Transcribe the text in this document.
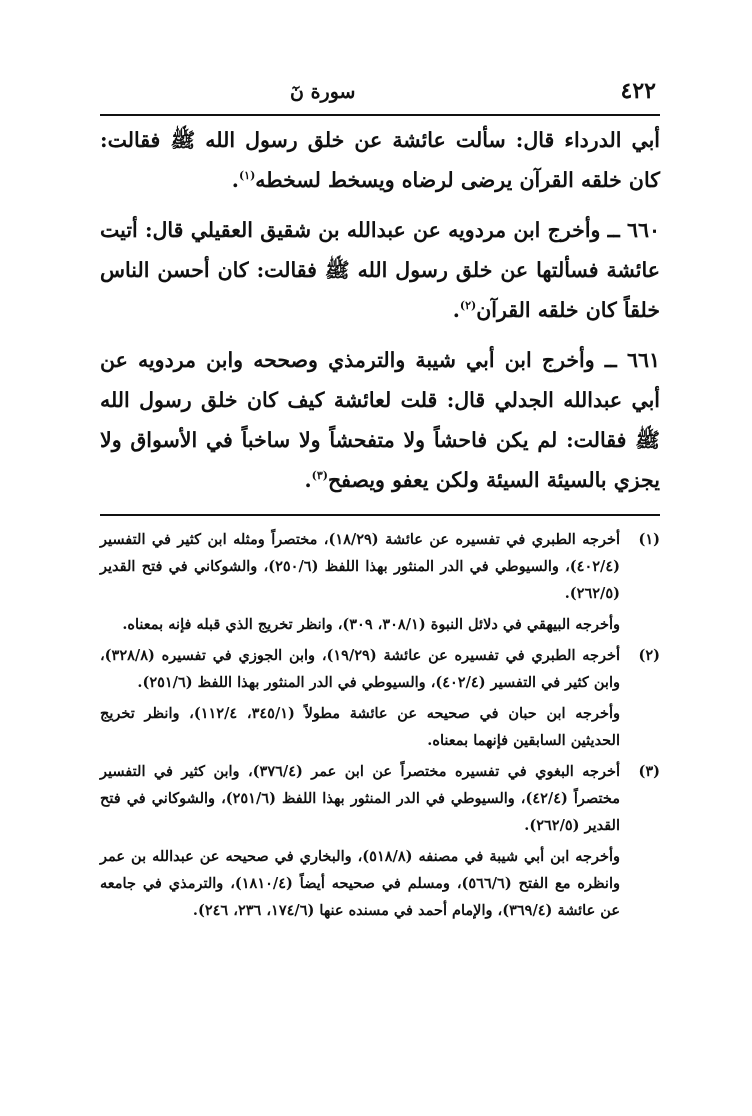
٤٢٢
سورة نٓ

أبي الدرداء قال: سألت عائشة عن خلق رسول الله ﷺ فقالت: كان خلقه القرآن يرضى لرضاه ويسخط لسخطه$^{(١)}$.

٦٦٠ ــ وأخرج ابن مردويه عن عبدالله بن شقيق العقيلي قال: أتيت عائشة فسألتها عن خلق رسول الله ﷺ فقالت: كان أحسن الناس خلقاً كان خلقه القرآن$^{(٢)}$.

٦٦١ ــ وأخرج ابن أبي شيبة والترمذي وصححه وابن مردويه عن أبي عبدالله الجدلي قال: قلت لعائشة كيف كان خلق رسول الله ﷺ فقالت: لم يكن فاحشاً ولا متفحشاً ولا ساخباً في الأسواق ولا يجزي بالسيئة السيئة ولكن يعفو ويصفح$^{(٣)}$.

(١)

أخرجه الطبري في تفسيره عن عائشة (١٨/٢٩)، مختصراً ومثله ابن كثير في التفسير (٤٠٢/٤)، والسيوطي في الدر المنثور بهذا اللفظ (٢٥٠/٦)، والشوكاني في فتح القدير (٢٦٢/٥).

وأخرجه البيهقي في دلائل النبوة (٣٠٨/١، ٣٠٩)، وانظر تخريج الذي قبله فإنه بمعناه.

(٢)

أخرجه الطبري في تفسيره عن عائشة (١٩/٢٩)، وابن الجوزي في تفسيره (٣٢٨/٨)، وابن كثير في التفسير (٤٠٢/٤)، والسيوطي في الدر المنثور بهذا اللفظ (٢٥١/٦).

وأخرجه ابن حبان في صحيحه عن عائشة مطولاً (٣٤٥/١، ١١٢/٤)، وانظر تخريج الحديثين السابقين فإنهما بمعناه.

(٣)

أخرجه البغوي في تفسيره مختصراً عن ابن عمر (٣٧٦/٤)، وابن كثير في التفسير مختصراً (٤٢/٤)، والسيوطي في الدر المنثور بهذا اللفظ (٢٥١/٦)، والشوكاني في فتح القدير (٢٦٢/٥).

وأخرجه ابن أبي شيبة في مصنفه (٥١٨/٨)، والبخاري في صحيحه عن عبدالله بن عمر وانظره مع الفتح (٥٦٦/٦)، ومسلم في صحيحه أيضاً (١٨١٠/٤)، والترمذي في جامعه عن عائشة (٣٦٩/٤)، والإمام أحمد في مسنده عنها (١٧٤/٦، ٢٣٦، ٢٤٦).
